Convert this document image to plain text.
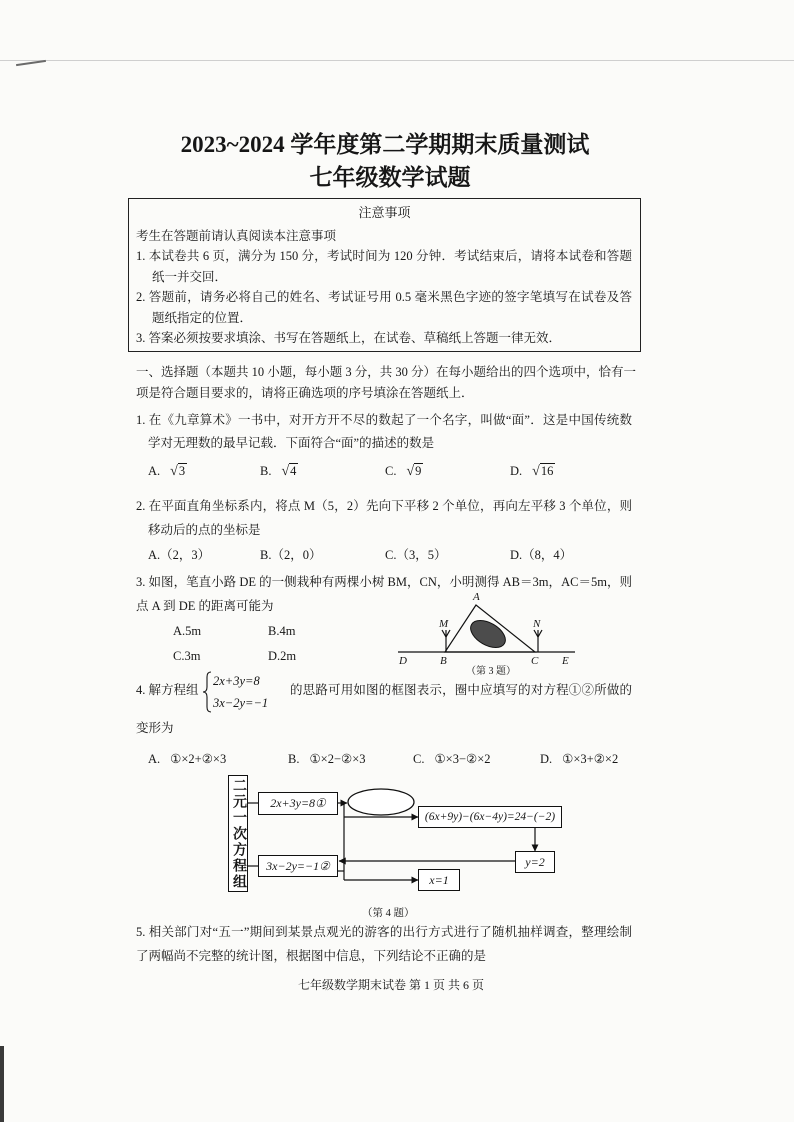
2023~2024 学年度第二学期期末质量测试
七年级数学试题
注意事项
考生在答题前请认真阅读本注意事项
1. 本试卷共 6 页，满分为 150 分，考试时间为 120 分钟．考试结束后，请将本试卷和答题
纸一并交回．
2. 答题前，请务必将自己的姓名、考试证号用 0.5 毫米黑色字迹的签字笔填写在试卷及答
题纸指定的位置．
3. 答案必须按要求填涂、书写在答题纸上，在试卷、草稿纸上答题一律无效．
一、选择题（本题共 10 小题，每小题 3 分，共 30 分）在每小题给出的四个选项中，恰有一
项是符合题目要求的，请将正确选项的序号填涂在答题纸上．
1. 在《九章算术》一书中，对开方开不尽的数起了一个名字，叫做“面”．这是中国传统数
学对无理数的最早记载．下面符合“面”的描述的数是
A. √3	B. √4	C. √9	D. √16
2. 在平面直角坐标系内，将点 M（5，2）先向下平移 2 个单位，再向左平移 3 个单位，则
移动后的点的坐标是
A.（2，3）	B.（2，0）	C.（3，5）	D.（8，4）
3. 如图，笔直小路 DE 的一侧栽种有两棵小树 BM，CN，小明测得 AB＝3m，AC＝5m，则
点 A 到 DE 的距离可能为
A.5m	B.4m
C.3m	D.2m
A
M	N
D	B	C E
（第 3 题）
4. 解方程组
2x+3y=8
3x−2y=−1
的思路可用如图的框图表示，圈中应填写的对方程①②所做的
变形为
A. ①×2+②×3	B. ①×2−②×3	C. ①×3−②×2	D. ①×3+②×2
二元一次方程组	2x+3y=8①
3x−2y=−1②
(6x+9y)−(6x−4y)=24−(−2)
y=2
x=1
（第 4 题）
5. 相关部门对“五一”期间到某景点观光的游客的出行方式进行了随机抽样调查，整理绘制
了两幅尚不完整的统计图，根据图中信息，下列结论不正确的是
七年级数学期末试卷 第 1 页 共 6 页
